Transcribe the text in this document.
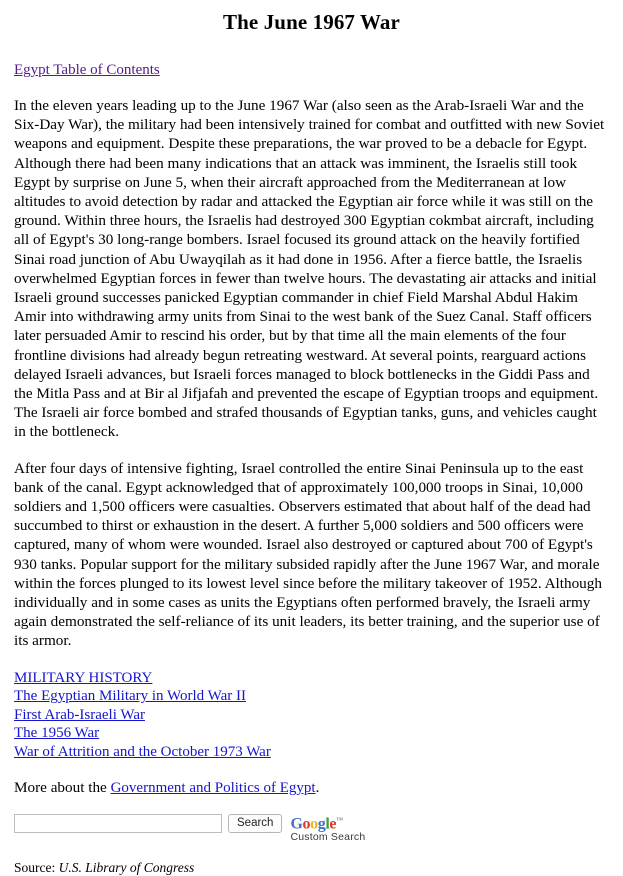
The June 1967 War
Egypt Table of Contents

In the eleven years leading up to the June 1967 War (also seen as the Arab-Israeli War and the Six-Day War), the military had been intensively trained for combat and outfitted with new Soviet weapons and equipment. Despite these preparations, the war proved to be a debacle for Egypt. Although there had been many indications that an attack was imminent, the Israelis still took Egypt by surprise on June 5, when their aircraft approached from the Mediterranean at low altitudes to avoid detection by radar and attacked the Egyptian air force while it was still on the ground. Within three hours, the Israelis had destroyed 300 Egyptian cokmbat aircraft, including all of Egypt's 30 long-range bombers. Israel focused its ground attack on the heavily fortified Sinai road junction of Abu Uwayqilah as it had done in 1956. After a fierce battle, the Israelis overwhelmed Egyptian forces in fewer than twelve hours. The devastating air attacks and initial Israeli ground successes panicked Egyptian commander in chief Field Marshal Abdul Hakim Amir into withdrawing army units from Sinai to the west bank of the Suez Canal. Staff officers later persuaded Amir to rescind his order, but by that time all the main elements of the four frontline divisions had already begun retreating westward. At several points, rearguard actions delayed Israeli advances, but Israeli forces managed to block bottlenecks in the Giddi Pass and the Mitla Pass and at Bir al Jifjafah and prevented the escape of Egyptian troops and equipment. The Israeli air force bombed and strafed thousands of Egyptian tanks, guns, and vehicles caught in the bottleneck.

After four days of intensive fighting, Israel controlled the entire Sinai Peninsula up to the east bank of the canal. Egypt acknowledged that of approximately 100,000 troops in Sinai, 10,000 soldiers and 1,500 officers were casualties. Observers estimated that about half of the dead had succumbed to thirst or exhaustion in the desert. A further 5,000 soldiers and 500 officers were captured, many of whom were wounded. Israel also destroyed or captured about 700 of Egypt's 930 tanks. Popular support for the military subsided rapidly after the June 1967 War, and morale within the forces plunged to its lowest level since before the military takeover of 1952. Although individually and in some cases as units the Egyptians often performed bravely, the Israeli army again demonstrated the self-reliance of its unit leaders, its better training, and the superior use of its armor.

MILITARY HISTORY
The Egyptian Military in World War II
First Arab-Israeli War
The 1956 War
War of Attrition and the October 1973 War

More about the Government and Politics of Egypt.

Search	Google™
Custom Search

Source: U.S. Library of Congress
